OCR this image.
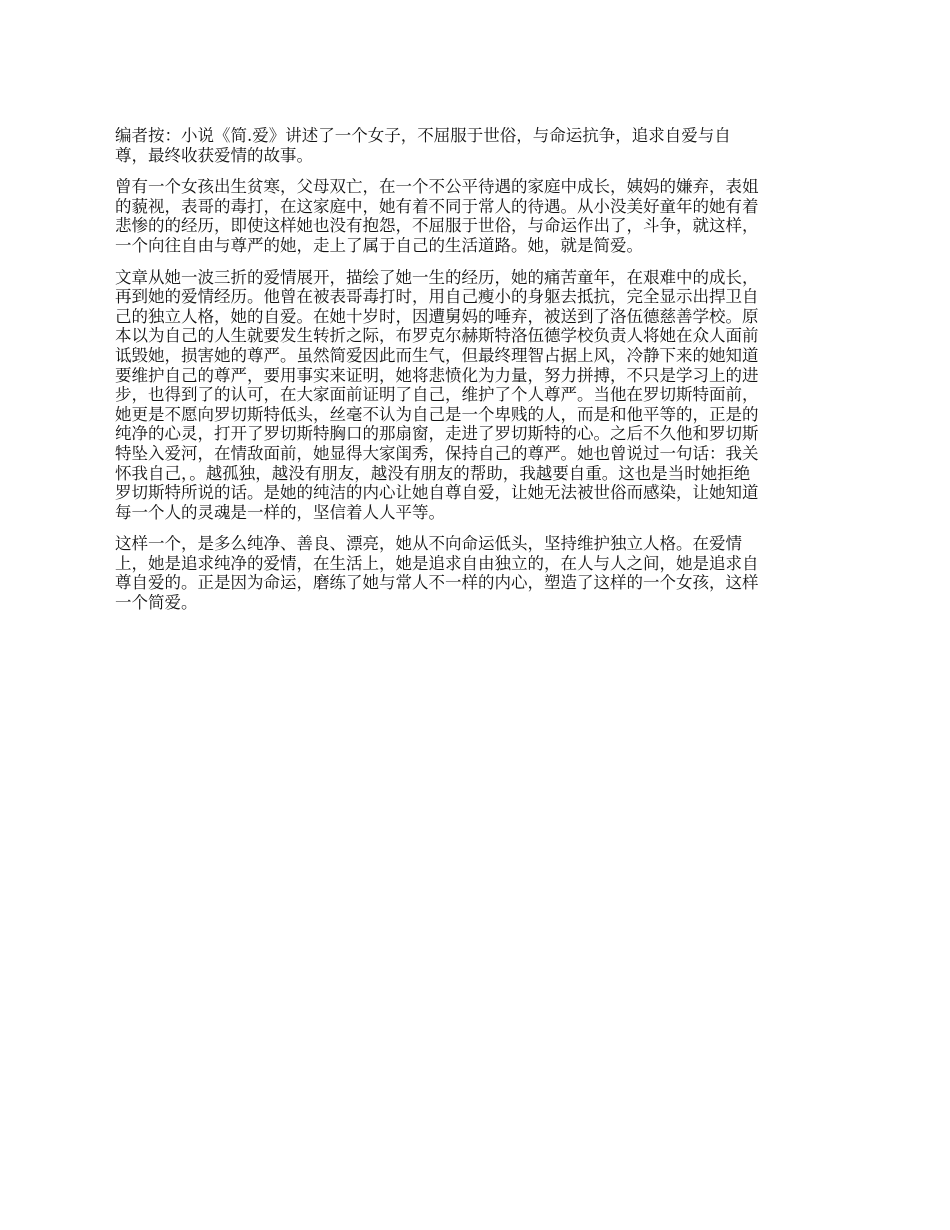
编者按：小说《简.爱》讲述了一个女子，不屈服于世俗，与命运抗争，追求自爱与自
尊，最终收获爱情的故事。

曾有一个女孩出生贫寒，父母双亡，在一个不公平待遇的家庭中成长，姨妈的嫌弃，表姐
的藐视，表哥的毒打，在这家庭中，她有着不同于常人的待遇。从小没美好童年的她有着
悲惨的的经历，即使这样她也没有抱怨，不屈服于世俗，与命运作出了，斗争，就这样，
一个向往自由与尊严的她，走上了属于自己的生活道路。她，就是简爱。

文章从她一波三折的爱情展开，描绘了她一生的经历，她的痛苦童年，在艰难中的成长，
再到她的爱情经历。他曾在被表哥毒打时，用自己瘦小的身躯去抵抗，完全显示出捍卫自
己的独立人格，她的自爱。在她十岁时，因遭舅妈的唾弃，被送到了洛伍德慈善学校。原
本以为自己的人生就要发生转折之际，布罗克尔赫斯特洛伍德学校负责人将她在众人面前
诋毁她，损害她的尊严。虽然简爱因此而生气，但最终理智占据上风，冷静下来的她知道
要维护自己的尊严，要用事实来证明，她将悲愤化为力量，努力拼搏，不只是学习上的进
步，也得到了的认可，在大家面前证明了自己，维护了个人尊严。当他在罗切斯特面前，
她更是不愿向罗切斯特低头，丝毫不认为自己是一个卑贱的人，而是和他平等的，正是的
纯净的心灵，打开了罗切斯特胸口的那扇窗，走进了罗切斯特的心。之后不久他和罗切斯
特坠入爱河，在情敌面前，她显得大家闺秀，保持自己的尊严。她也曾说过一句话：我关
怀我自己，。越孤独，越没有朋友，越没有朋友的帮助，我越要自重。这也是当时她拒绝
罗切斯特所说的话。是她的纯洁的内心让她自尊自爱，让她无法被世俗而感染，让她知道
每一个人的灵魂是一样的，坚信着人人平等。

这样一个，是多么纯净、善良、漂亮，她从不向命运低头，坚持维护独立人格。在爱情
上，她是追求纯净的爱情，在生活上，她是追求自由独立的，在人与人之间，她是追求自
尊自爱的。正是因为命运，磨练了她与常人不一样的内心，塑造了这样的一个女孩，这样
一个简爱。
